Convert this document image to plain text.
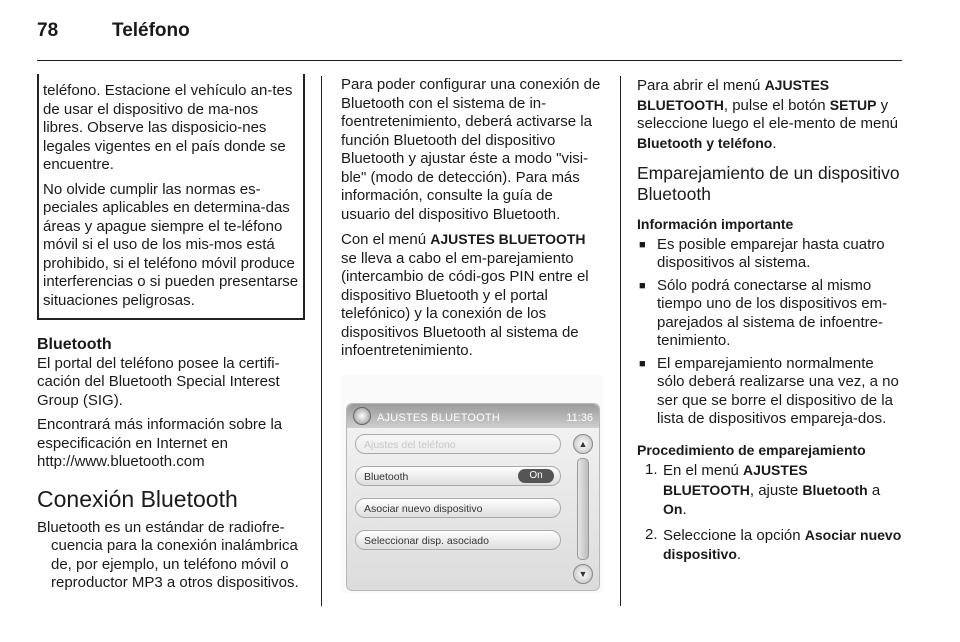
78	Teléfono

teléfono. Estacione el vehículo an-tes de usar el dispositivo de ma-nos libres. Observe las disposicio-nes legales vigentes en el país donde se encuentre.

No olvide cumplir las normas es-peciales aplicables en determina-das áreas y apague siempre el te-léfono móvil si el uso de los mis-mos está prohibido, si el teléfono móvil produce interferencias o si pueden presentarse situaciones peligrosas.

Bluetooth

El portal del teléfono posee la certifi-cación del Bluetooth Special Interest Group (SIG).

Encontrará más información sobre la especificación en Internet en http://www.bluetooth.com

Conexión Bluetooth

Bluetooth es un estándar de radiofre-cuencia para la conexión inalámbrica de, por ejemplo, un teléfono móvil o reproductor MP3 a otros dispositivos.

Para poder configurar una conexión de Bluetooth con el sistema de in-foentretenimiento, deberá activarse la función Bluetooth del dispositivo Bluetooth y ajustar éste a modo "visi-ble" (modo de detección). Para más información, consulte la guía de usuario del dispositivo Bluetooth.

Con el menú AJUSTES BLUETOOTH se lleva a cabo el em-parejamiento (intercambio de códi-gos PIN entre el dispositivo Bluetooth y el portal telefónico) y la conexión de los dispositivos Bluetooth al sistema de infoentretenimiento.

AJUSTES BLUETOOTH	11:36
Ajustes del teléfono
Bluetooth	On
Asociar nuevo dispositivo
Seleccionar disp. asociado
▲
▼

Para abrir el menú AJUSTES BLUETOOTH, pulse el botón SETUP y seleccione luego el ele-mento de menú Bluetooth y teléfono.

Emparejamiento de un dispositivo Bluetooth
Información importante
■ Es posible emparejar hasta cuatro dispositivos al sistema.
■ Sólo podrá conectarse al mismo tiempo uno de los dispositivos em-parejados al sistema de infoentre-tenimiento.
■ El emparejamiento normalmente sólo deberá realizarse una vez, a no ser que se borre el dispositivo de la lista de dispositivos empareja-dos.
Procedimiento de emparejamiento
1. En el menú AJUSTES BLUETOOTH, ajuste Bluetooth a On.
2. Seleccione la opción Asociar nuevo dispositivo.
